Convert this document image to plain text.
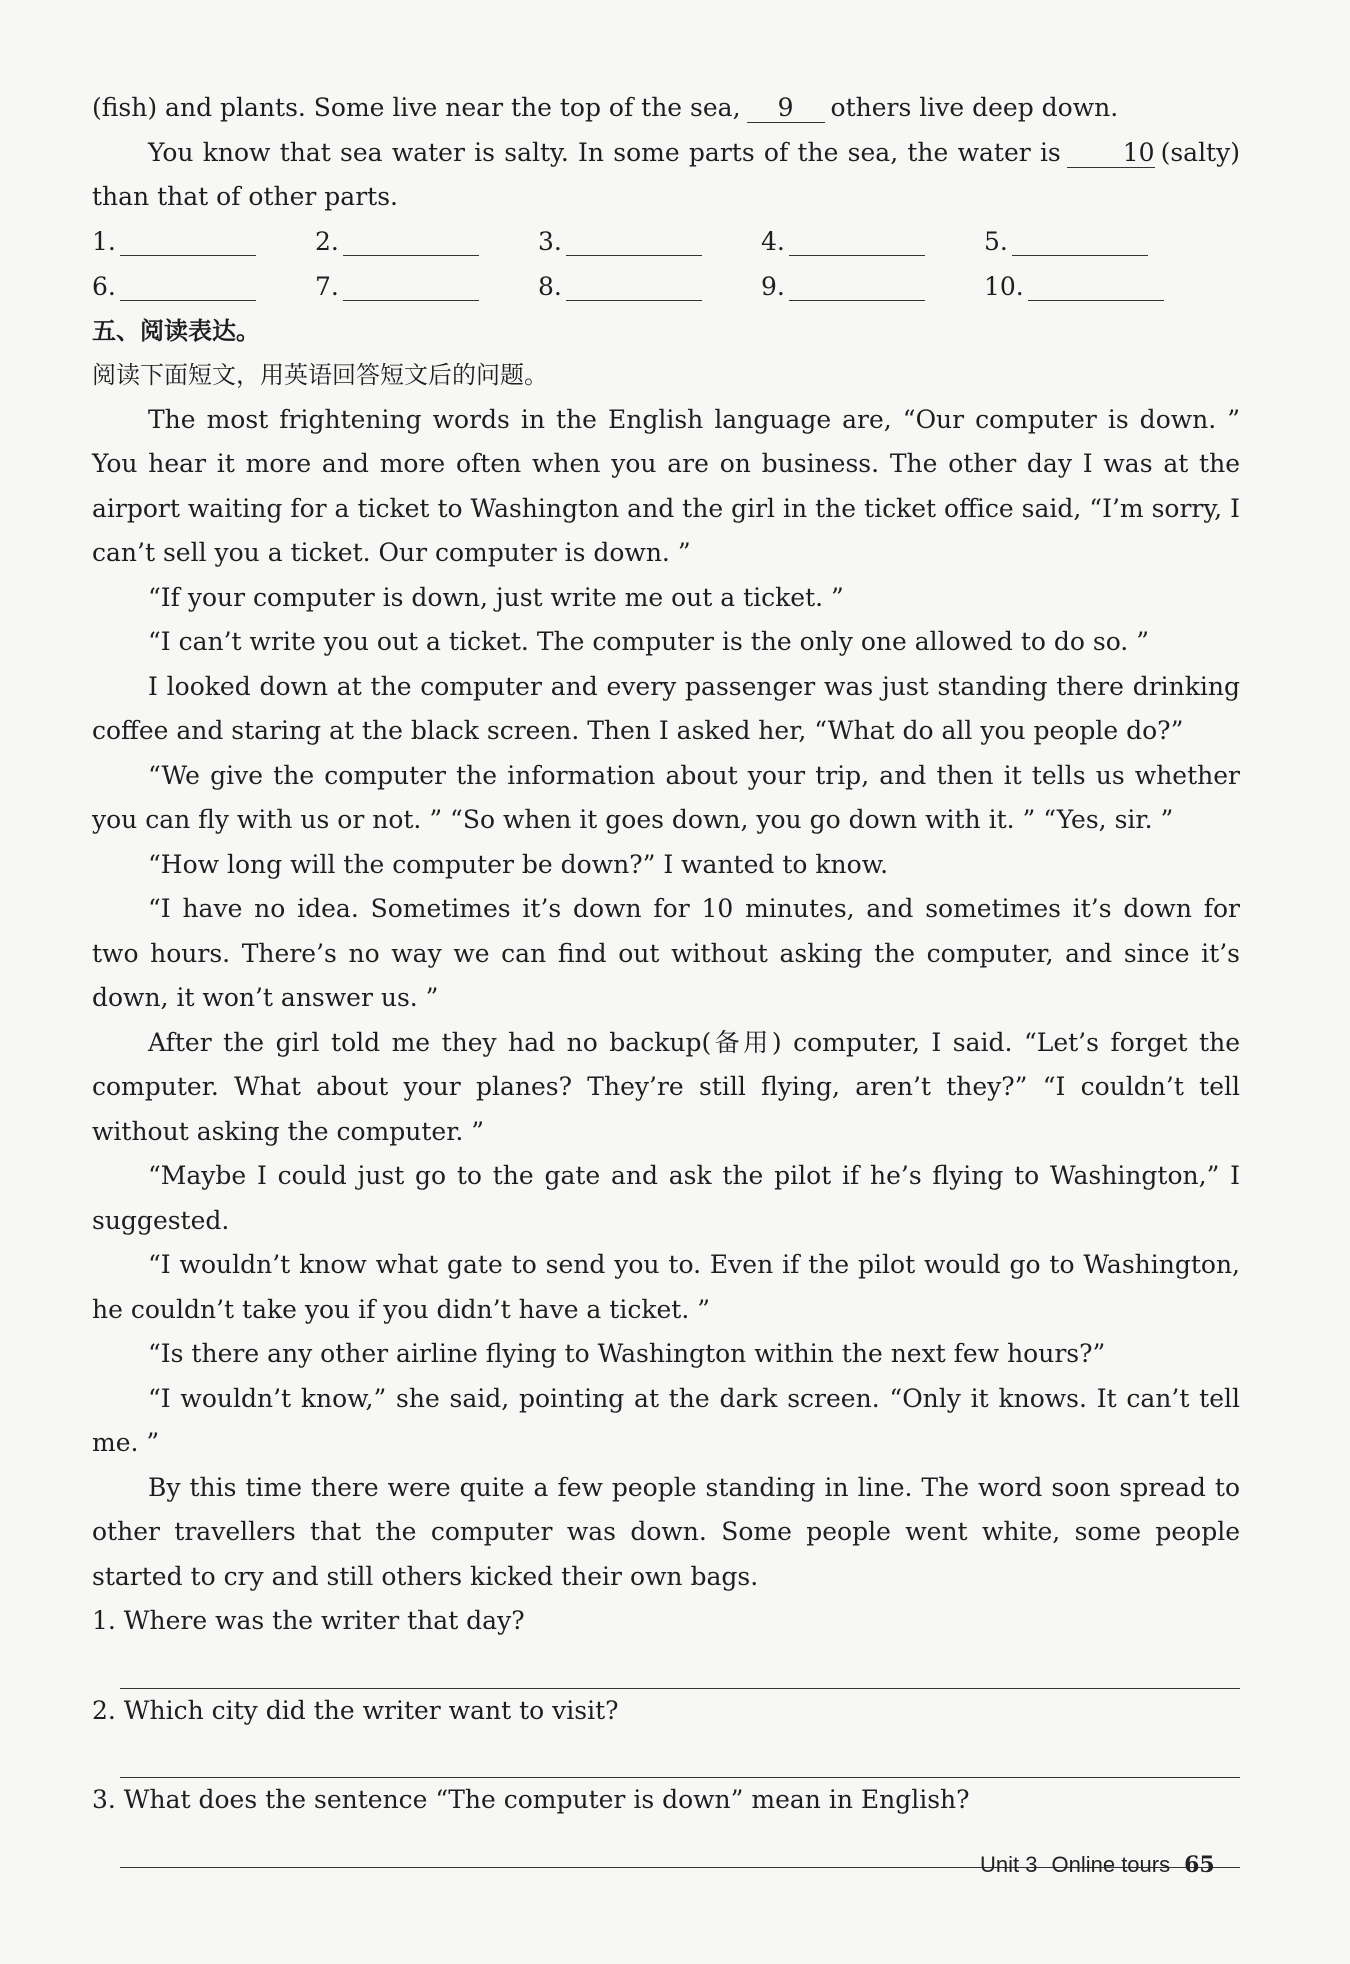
(fish) and plants. Some live near the top of the sea, 9 others live deep down.

You know that sea water is salty. In some parts of the sea, the water is 10 (salty) than that of other parts.

1.	2.	3.	4.	5.
6.	7.	8.	9.	10.

五、阅读表达。

阅读下面短文，用英语回答短文后的问题。

The most frightening words in the English language are, “Our computer is down. ” You hear it more and more often when you are on business. The other day I was at the airport waiting for a ticket to Washington and the girl in the ticket office said, “I’m sorry, I can’t sell you a ticket. Our computer is down. ”

“If your computer is down, just write me out a ticket. ”

“I can’t write you out a ticket. The computer is the only one allowed to do so. ”

I looked down at the computer and every passenger was just standing there drinking coffee and staring at the black screen. Then I asked her, “What do all you people do?”

“We give the computer the information about your trip, and then it tells us whether you can fly with us or not. ” “So when it goes down, you go down with it. ” “Yes, sir. ”

“How long will the computer be down?” I wanted to know.

“I have no idea. Sometimes it’s down for 10 minutes, and sometimes it’s down for two hours. There’s no way we can find out without asking the computer, and since it’s down, it won’t answer us. ”

After the girl told me they had no backup(备用) computer, I said. “Let’s forget the computer. What about your planes? They’re still flying, aren’t they?” “I couldn’t tell without asking the computer. ”

“Maybe I could just go to the gate and ask the pilot if he’s flying to Washington,” I suggested.

“I wouldn’t know what gate to send you to. Even if the pilot would go to Washington, he couldn’t take you if you didn’t have a ticket. ”

“Is there any other airline flying to Washington within the next few hours?”

“I wouldn’t know,” she said, pointing at the dark screen. “Only it knows. It can’t tell me. ”

By this time there were quite a few people standing in line. The word soon spread to other travellers that the computer was down. Some people went white, some people started to cry and still others kicked their own bags.

1. Where was the writer that day?

2. Which city did the writer want to visit?

3. What does the sentence “The computer is down” mean in English?

Unit 3 Online tours 65
